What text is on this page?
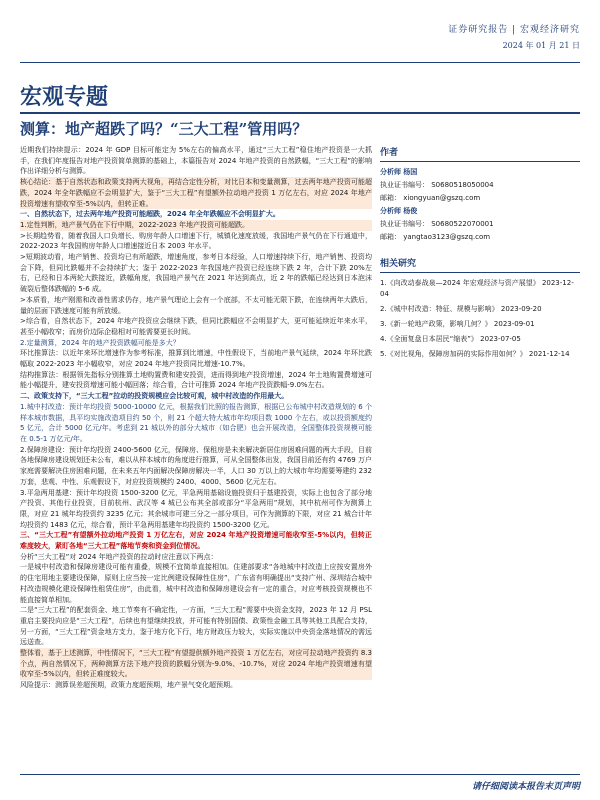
证券研究报告 | 宏观经济研究
2024 年 01 月 21 日
宏观专题
测算：地产超跌了吗？“三大工程”管用吗？

近期我们持续提示：2024 年 GDP 目标可能定为 5%左右的偏高水平，通过“三大工程”稳住地产投资是一大抓手，在我们年度报告对地产投资简单测算的基础上，本篇报告对 2024 年地产投资的自然跌幅，“三大工程”的影响作出详细分析与测算。

核心结论：基于自然状态和政策支持两大视角，再结合定性分析，对比日本和变量测算，过去两年地产投资可能超跌，2024 年全年跌幅应不会明显扩大，鉴于“三大工程”有望额外拉动地产投资 1 万亿左右，对应 2024 年地产投资增速有望收窄至-5%以内，但转正难。

一、自然状态下，过去两年地产投资可能超跌，2024 年全年跌幅应不会明显扩大。

1.定性判断，地产景气仍在下行中期，2022-2023 年地产投资可能超跌。

>长期趋势看，随着我国人口负增长、购房年龄人口增速下行，城镇化速度放缓，我国地产景气仍在下行通道中，2022-2023 年我国购房年龄人口增速接近日本 2003 年水平。

>短期波动看，地产销售、投资均已有所超跌，增速角度，参考日本经验，人口增速持续下行，地产销售、投资均会下降，但同比跌幅并不会持续扩大；鉴于 2022-2023 年我国地产投资已经连续下跌 2 年，合计下跌 20%左右，已经和日本两轮大跌接近，跌幅角度，我国地产景气在 2021 年达到高点，近 2 年的跌幅已经达到日本泡沫破裂后整体跌幅的 5-6 成。

>本质看，地产刚需和改善性需求仍存，地产景气理论上会有一个底部，不太可能无限下跌，在连续两年大跌后，量的层面下跌速度可能有所放缓。

>综合看，自然状态下，2024 年地产投资应会继续下跌，但同比跌幅应不会明显扩大，更可能延续近年来水平，甚至小幅收窄；而房价边际企稳相对可能需要更长时间。

2.定量测算，2024 年的地产投资跌幅可能是多大？

环比推算法：以近年来环比增速作为参考标准，推算到比增速，中性假设下，当前地产景气延续，2024 年环比跌幅取 2022-2023 年小幅收窄，对应 2024 年地产投资同比增速-10.7%。

结构推算法：根据领先指标分别推算土地购置费和建安投资，进而得到地产投资增速，2024 年土地购置费增速可能小幅提升，建安投资增速可能小幅回落；综合看，合计可推算 2024 年地产投资跌幅-9.0%左右。

二、政策支持下，“三大工程”拉动的投资规模应会比较可观，城中村改造的作用最大。

1.城中村改造：预计年均投资 5000-10000 亿元，根据我们比照的报告测算，根据已公布城中村改造规划的 6 个样本城市数据，具平均实施改造项目约 50 个，则 21 个超大特大城市年均项目数 1000 个左右，或以投资额度约 5 亿元，合计 5000 亿元/年。考虑到 21 城以外的部分大城市（如合肥）也会开展改造，全国整体投资规模可能在 0.5-1 万亿元/年。

2.保障房建设：预计年均投资 2400-5600 亿元，保障房、保租房是未来解决新居住房困难问题的两大手段，目前各地保障房建设规划还未公布，难以从样本城市的角度进行推算，可从全国整体出发，我国目前还有约 4769 万户家庭需要解决住房困难问题，在未来五年内面解决保障房解决一半，人口 30 万以上的大城市年均需要筹建约 232 万套，悲观、中性、乐观假设下，对应投资规模约 2400、4000、5600 亿元左右。

3.平急两用基建：预计年均投资 1500-3200 亿元，平急两用基础设施投资归于基建投资，实际上也包含了部分地产投资、其他行业投资，目前杭州、武汉等 4 城已公布其全部或部分“平急两用”规划，其中杭州可作为测算上限，对应 21 城年均投资约 3235 亿元；其余城市可建三分之一部分项目，可作为测算的下限，对应 21 城合计年均投资约 1483 亿元，综合看，预计平急两用基建年均投资约 1500-3200 亿元。

三、“三大工程”有望额外拉动地产投资 1 万亿左右，对应 2024 年地产投资增速可能收窄至-5%以内，但转正难度较大，紧盯各地“三大工程”落地节奏和资金到位情况。

分析“三大工程”对 2024 年地产投资的拉动时应注意以下两点：

一是城中村改造和保障房建设可能有重叠，规模不宜简单直接相加。住建部要求“各地城中村改造上应按安置房外的住宅用地主要建设保障，原则上应当按一定比例建设保障性住房”，广东省有明确提出“支持广州、深圳结合城中村改造规模化建设保障性租赁住房”，由此看，城中村改造和保障房建设会有一定的重合，对应考核投资规模也不能直接简单相加。

二是“三大工程”的配套资金、地工节奏有不确定性，一方面，“三大工程”需要中央资金支持，2023 年 12 月 PSL 重启主要投向应是“三大工程”，后续也有望继续投放，并可能有特别国债、政策性金融工具等其他工具配合支持，另一方面，“三大工程”资金地方支力，鉴于地方化下行，地方财政压力较大，实际实施以中央资金落地情况的需远远送查。

整体看，基于上述测算，中性情况下，“三大工程”有望提供额外地产投资 1 万亿左右，对应可拉动地产投资约 8.3 个点，两自然情况下，两种测算方法下地产投资的跌幅分别为-9.0%、-10.7%，对应 2024 年地产投资增速有望收窄至-5%以内，但转正难度较大。

风险提示：测算误差超预期，政策力度超预期，地产景气变化超预期。

作者
分析师 杨国
执业证书编号： S0680518050004
邮箱： xiongyuan@gszq.com
分析师 杨俊
执业证书编号： S0680522070001
邮箱： yangtao3123@gszq.com
相关研究
1.《向改动泰战泉—2024 年宏观经济与资产展望》 2023-12-04
2.《城中村改造：特征、规模与影响》 2023-09-20
3.《新一轮地产政策，影响几何？》 2023-09-01
4.《全面复盘日本居民“缩表”》 2023-07-05
5.《对比视角，保障房加码的实际作用如何？》 2021-12-14
请仔细阅读本报告末页声明
